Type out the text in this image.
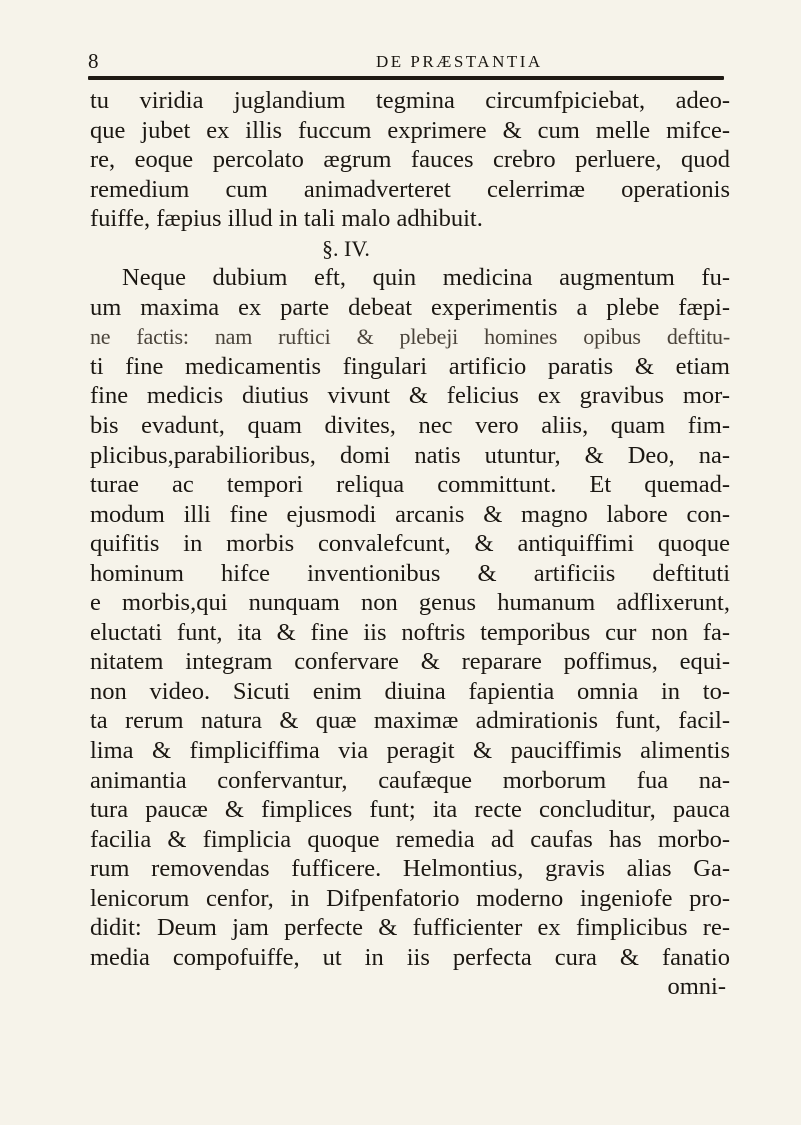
8	DE PRÆSTANTIA
tu viridia juglandium tegmina circumfpiciebat, adeo-
que jubet ex illis fuccum exprimere & cum melle mifce-
re, eoque percolato ægrum fauces crebro perluere, quod
remedium cum animadverteret celerrimæ operationis
fuiffe, fæpius illud in tali malo adhibuit.
§. IV.
Neque dubium eft, quin medicina augmentum fu-
um maxima ex parte debeat experimentis a plebe fæpi-
ne factis: nam ruftici & plebeji homines opibus deftitu-
ti fine medicamentis fingulari artificio paratis & etiam
fine medicis diutius vivunt & felicius ex gravibus mor-
bis evadunt, quam divites, nec vero aliis, quam fim-
plicibus,parabilioribus, domi natis utuntur, & Deo, na-
turae ac tempori reliqua committunt. Et quemad-
modum illi fine ejusmodi arcanis & magno labore con-
quifitis in morbis convalefcunt, & antiquiffimi quoque
hominum hifce inventionibus & artificiis deftituti
e morbis,qui nunquam non genus humanum adflixerunt,
eluctati funt, ita & fine iis noftris temporibus cur non fa-
nitatem integram confervare & reparare poffimus, equi-
non video. Sicuti enim diuina fapientia omnia in to-
ta rerum natura & quæ maximæ admirationis funt, facil-
lima & fimpliciffima via peragit & pauciffimis alimentis
animantia confervantur, caufæque morborum fua na-
tura paucæ & fimplices funt; ita recte concluditur, pauca
facilia & fimplicia quoque remedia ad caufas has morbo-
rum removendas fufficere. Helmontius, gravis alias Ga-
lenicorum cenfor, in Difpenfatorio moderno ingeniofe pro-
didit: Deum jam perfecte & fufficienter ex fimplicibus re-
media compofuiffe, ut in iis perfecta cura & fanatio
omni-
